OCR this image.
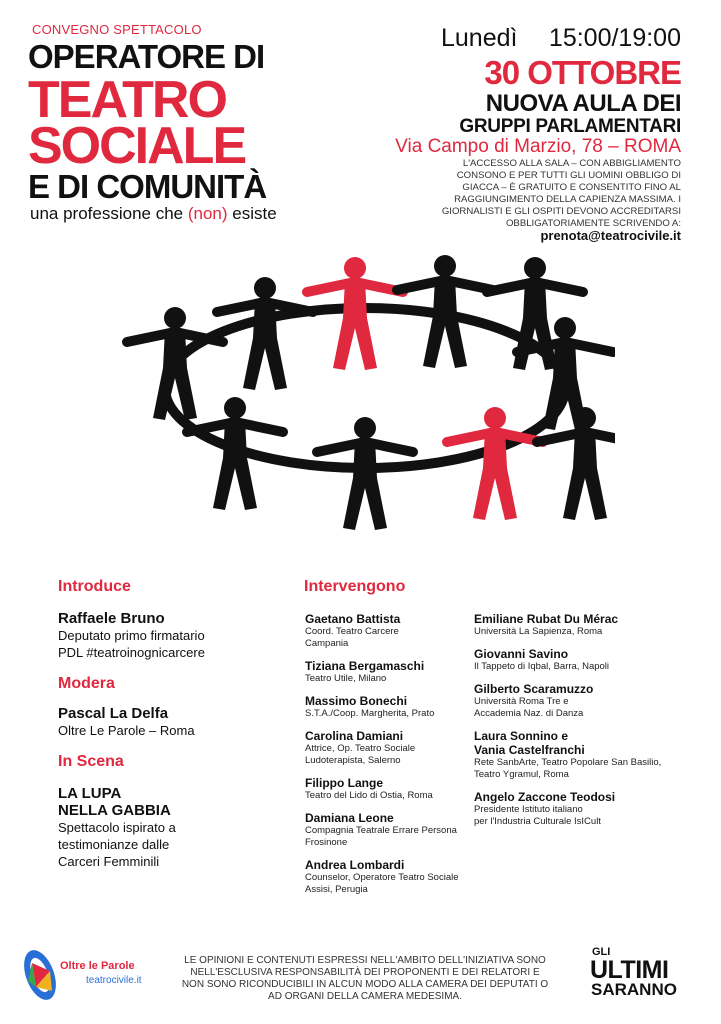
CONVEGNO SPETTACOLO
OPERATORE DI
TEATRO
SOCIALE
E DI COMUNITÀ
una professione che (non) esiste
Lunedì 15:00/19:00
30 OTTOBRE
NUOVA AULA DEI
GRUPPI PARLAMENTARI
Via Campo di Marzio, 78 – ROMA
L'ACCESSO ALLA SALA – CON ABBIGLIAMENTO CONSONO E PER TUTTI GLI UOMINI OBBLIGO DI GIACCA – È GRATUITO E CONSENTITO FINO AL RAGGIUNGIMENTO DELLA CAPIENZA MASSIMA. I GIORNALISTI E GLI OSPITI DEVONO ACCREDITARSI OBBLIGATORIAMENTE SCRIVENDO A:
prenota@teatrocivile.it
Introduce
Raffaele Bruno
Deputato primo firmatario
PDL #teatroinognicarcere
Modera
Pascal La Delfa
Oltre Le Parole – Roma
In Scena
LA LUPA
NELLA GABBIA
Spettacolo ispirato a
testimonianze dalle
Carceri Femminili
Intervengono
Gaetano Battista
Coord. Teatro Carcere
Campania
Tiziana Bergamaschi
Teatro Utile, Milano
Massimo Bonechi
S.T.A./Coop. Margherita, Prato
Carolina Damiani
Attrice, Op. Teatro Sociale
Ludoterapista, Salerno
Filippo Lange
Teatro del Lido di Ostia, Roma
Damiana Leone
Compagnia Teatrale Errare Persona
Frosinone
Andrea Lombardi
Counselor, Operatore Teatro Sociale
Assisi, Perugia
Emiliane Rubat Du Mérac
Università La Sapienza, Roma
Giovanni Savino
Il Tappeto di Iqbal, Barra, Napoli
Gilberto Scaramuzzo
Università Roma Tre e
Accademia Naz. di Danza
Laura Sonnino e
Vania Castelfranchi
Rete SanbArte, Teatro Popolare San Basilio,
Teatro Ygramul, Roma
Angelo Zaccone Teodosi
Presidente Istituto italiano
per l'Industria Culturale IsICult
Oltre le Parole
teatrocivile.it
LE OPINIONI E CONTENUTI ESPRESSI NELL'AMBITO DELL'INIZIATIVA SONO NELL'ESCLUSIVA RESPONSABILITÀ DEI PROPONENTI E DEI RELATORI E NON SONO RICONDUCIBILI IN ALCUN MODO ALLA CAMERA DEI DEPUTATI O AD ORGANI DELLA CAMERA MEDESIMA.
GLI
ULTIMI
SARANNO
